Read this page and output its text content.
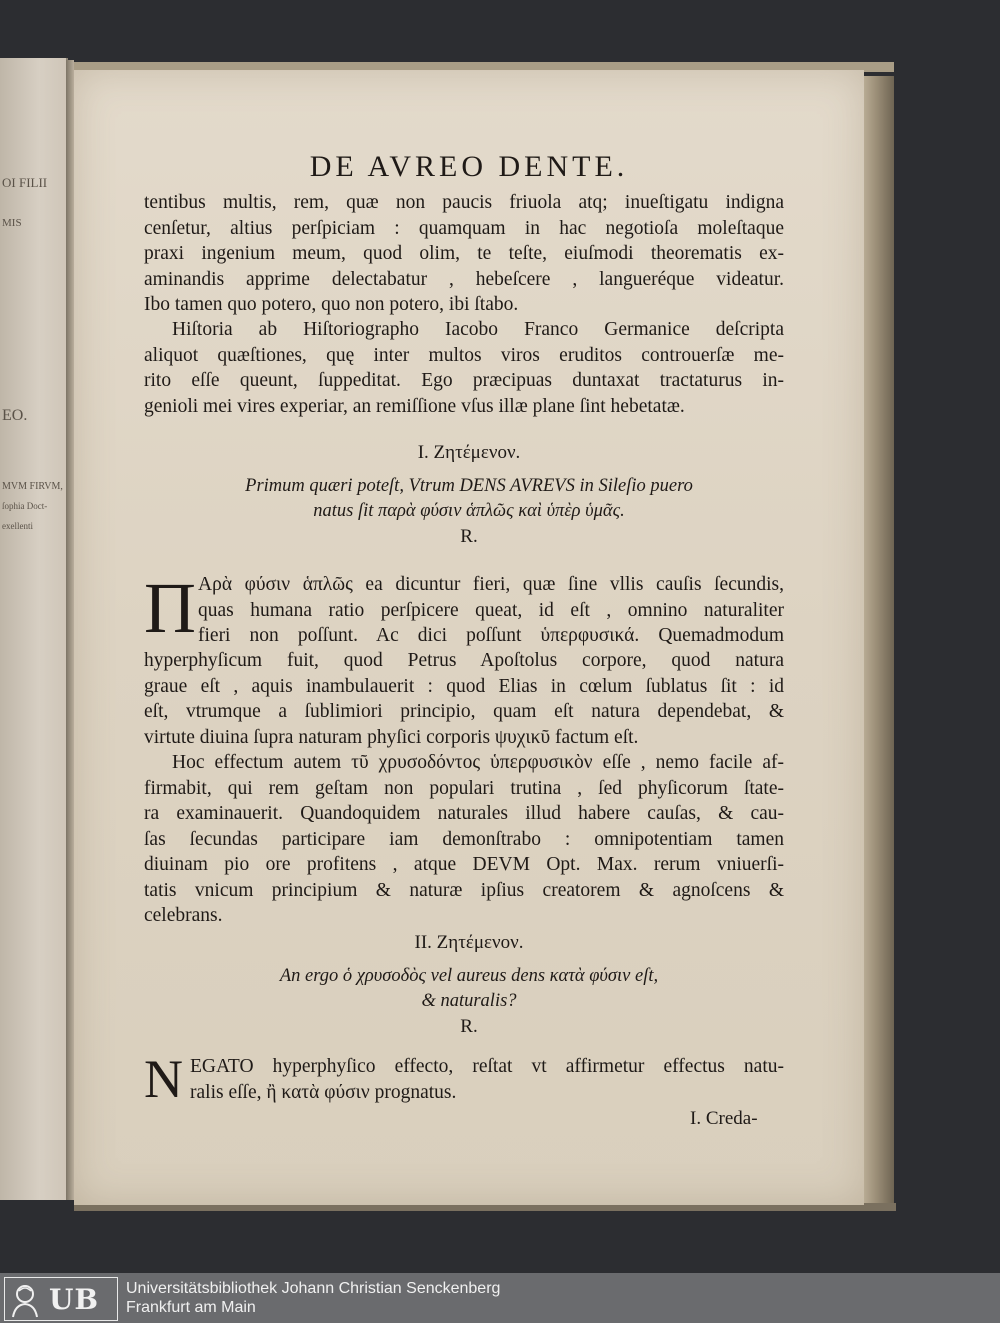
OI FILII
MIS
EO.
MVM FIRVM,
ſophia Doct-
exellenti
DE AVREO DENTE.
tentibus multis, rem, quæ non paucis friuola atq; inueſtigatu indigna
cenſetur, altius perſpiciam : quamquam in hac negotioſa moleſtaque
praxi ingenium meum, quod olim, te teſte, eiuſmodi theorematis ex-
aminandis apprime delectabatur , hebeſcere , langueréque videatur.
Ibo tamen quo potero, quo non potero, ibi ſtabo.
Hiſtoria ab Hiſtoriographo Iacobo Franco Germanice deſcripta
aliquot quæſtiones, quę inter multos viros eruditos controuerſæ me-
rito eſſe queunt, ſuppeditat. Ego præcipuas duntaxat tractaturus in-
genioli mei vires experiar, an remiſſione vſus illæ plane ſint hebetatæ.
I. Ζητέμενον.
Primum quæri poteſt, Vtrum DENS AVREVS in Sileſio puero
natus ſit παρὰ φύσιν ἁπλῶς καὶ ὑπὲρ ὑμᾶς.
R.
П Αρὰ φύσιν ἁπλῶς ea dicuntur fieri, quæ ſine vllis cauſis ſecundis,
quas humana ratio perſpicere queat, id eſt , omnino naturaliter
fieri non poſſunt. Ac dici poſſunt ὑπερφυσικά. Quemadmodum
hyperphyſicum fuit, quod Petrus Apoſtolus corpore, quod natura
graue eſt , aquis inambulauerit : quod Elias in cœlum ſublatus ſit : id
eſt, vtrumque a ſublimiori principio, quam eſt natura dependebat, &
virtute diuina ſupra naturam phyſici corporis ψυχικῦ factum eſt.
Hoc effectum autem τῦ χρυσοδόντος ὑπερφυσικὸν eſſe , nemo facile af-
firmabit, qui rem geſtam non populari trutina , ſed phyſicorum ſtate-
ra examinauerit. Quandoquidem naturales illud habere cauſas, & cau-
ſas ſecundas participare iam demonſtrabo : omnipotentiam tamen
diuinam pio ore profitens , atque DEVM Opt. Max. rerum vniuerſi-
tatis vnicum principium & naturæ ipſius creatorem & agnoſcens &
celebrans.
II. Ζητέμενον.
An ergo ὁ χρυσοδὸς vel aureus dens κατὰ φύσιν eſt,
& naturalis?
R.
N EGATO hyperphyſico effecto, reſtat vt affirmetur effectus natu-
ralis eſſe, ἢ κατὰ φύσιν prognatus.
I. Creda-
UB Universitätsbibliothek Johann Christian Senckenberg
Frankfurt am Main
